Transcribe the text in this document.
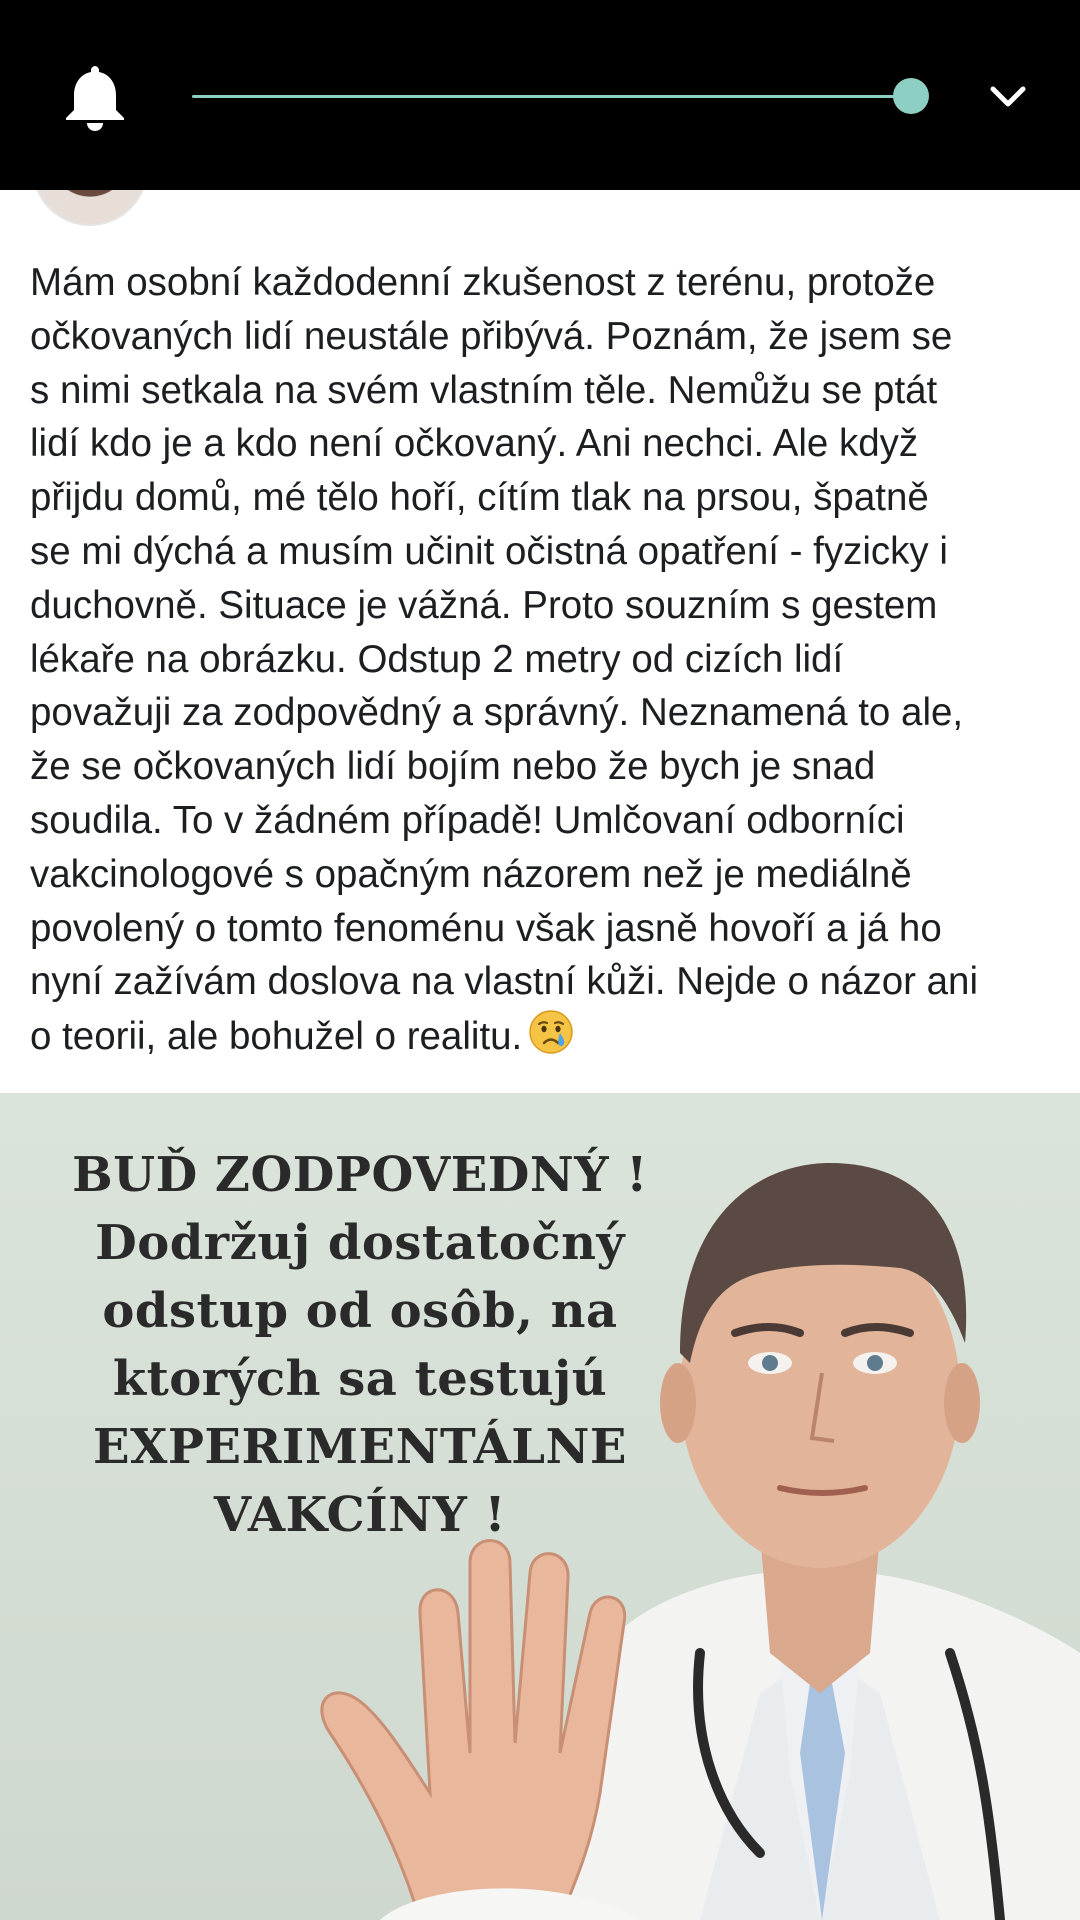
Mám osobní každodenní zkušenost z terénu, protože
očkovaných lidí neustále přibývá. Poznám, že jsem se
s nimi setkala na svém vlastním těle. Nemůžu se ptát
lidí kdo je a kdo není očkovaný. Ani nechci. Ale když
přijdu domů, mé tělo hoří, cítím tlak na prsou, špatně
se mi dýchá a musím učinit očistná opatření - fyzicky i
duchovně. Situace je vážná. Proto souzním s gestem
lékaře na obrázku. Odstup 2 metry od cizích lidí
považuji za zodpovědný a správný. Neznamená to ale,
že se očkovaných lidí bojím nebo že bych je snad
soudila. To v žádném případě! Umlčovaní odborníci
vakcinologové s opačným názorem než je mediálně
povolený o tomto fenoménu však jasně hovoří a já ho
nyní zažívám doslova na vlastní kůži. Nejde o názor ani
o teorii, ale bohužel o realitu.
BUĎ ZODPOVEDNÝ !
Dodržuj dostatočný
odstup od osôb, na
ktorých sa testujú
EXPERIMENTÁLNE
VAKCÍNY !
